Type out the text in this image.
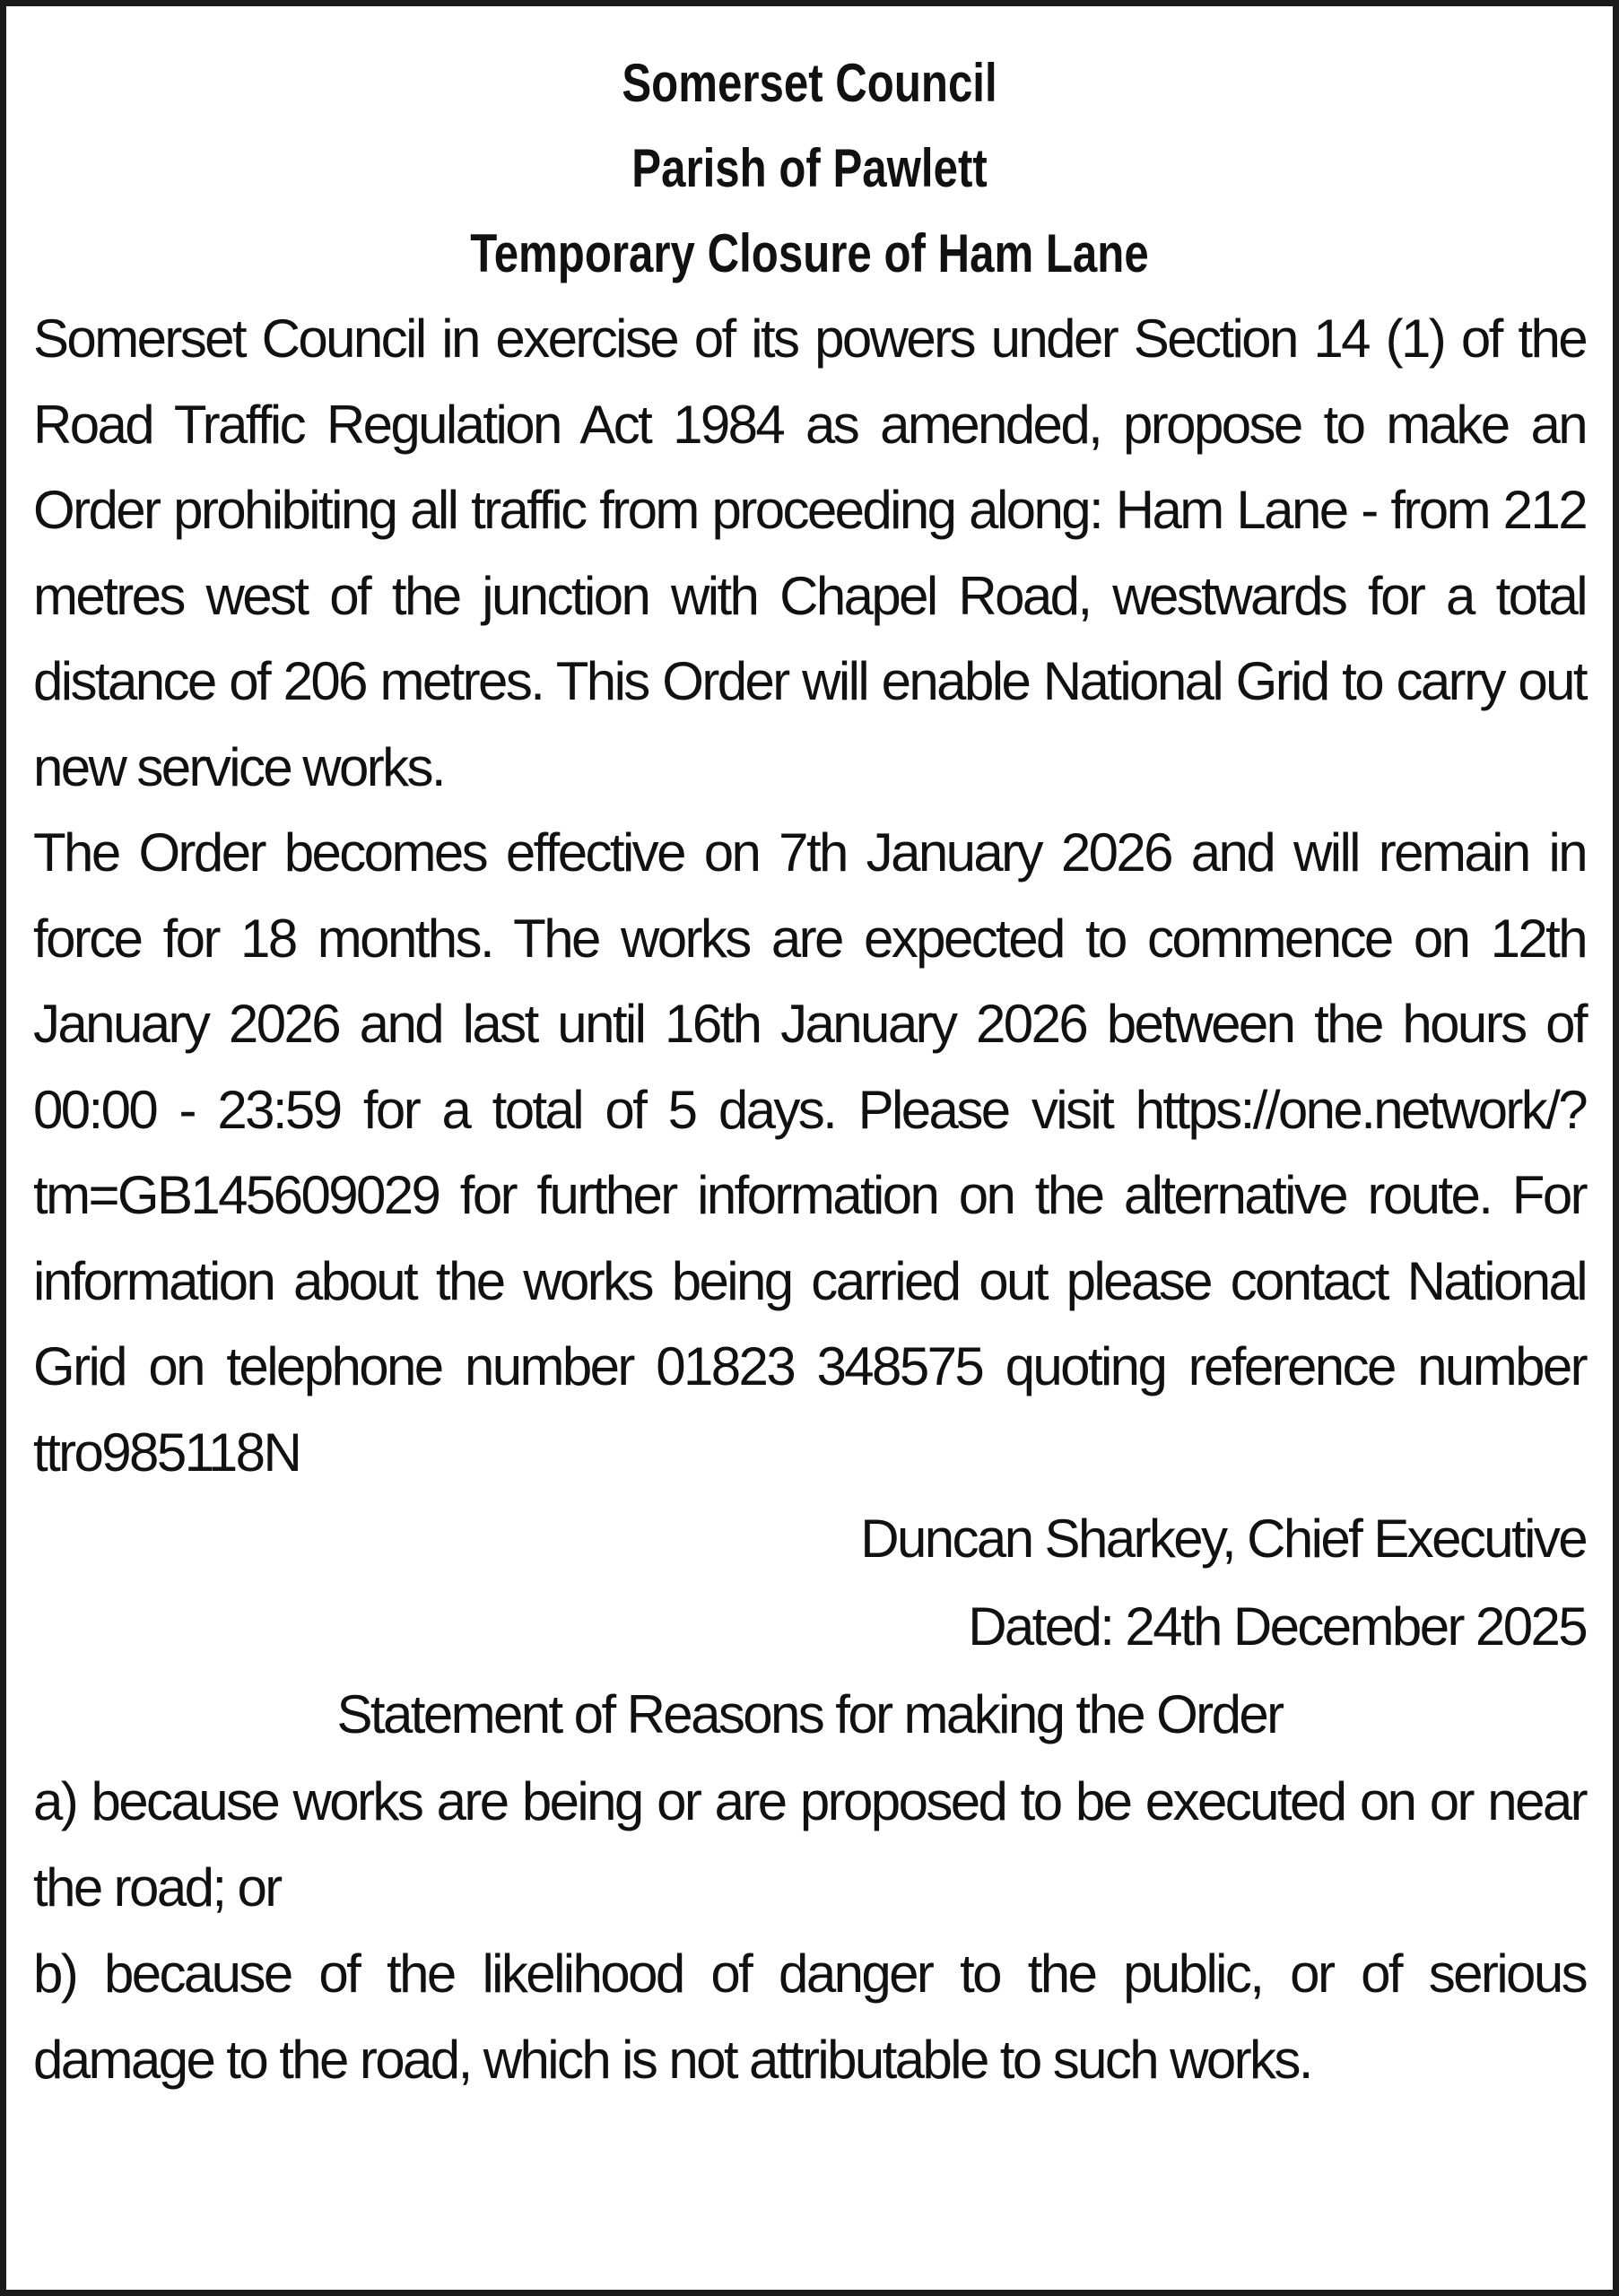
Somerset Council
Parish of Pawlett
Temporary Closure of Ham Lane
Somerset Council in exercise of its powers under Section 14 (1) of the Road Traffic Regulation Act 1984 as amended, propose to make an Order prohibiting all traffic from proceeding along: Ham Lane - from 212 metres west of the junction with Chapel Road, westwards for a total distance of 206 metres. This Order will enable National Grid to carry out new service works.
The Order becomes effective on 7th January 2026 and will remain in force for 18 months. The works are expected to commence on 12th January 2026 and last until 16th January 2026 between the hours of 00:00 - 23:59 for a total of 5 days. Please visit https://one.network/?tm=GB145609029 for further information on the alternative route. For information about the works being carried out please contact National Grid on telephone number 01823 348575 quoting reference number ttro985118N
Duncan Sharkey, Chief Executive
Dated: 24th December 2025
Statement of Reasons for making the Order
a) because works are being or are proposed to be executed on or near the road; or
b) because of the likelihood of danger to the public, or of serious damage to the road, which is not attributable to such works.
